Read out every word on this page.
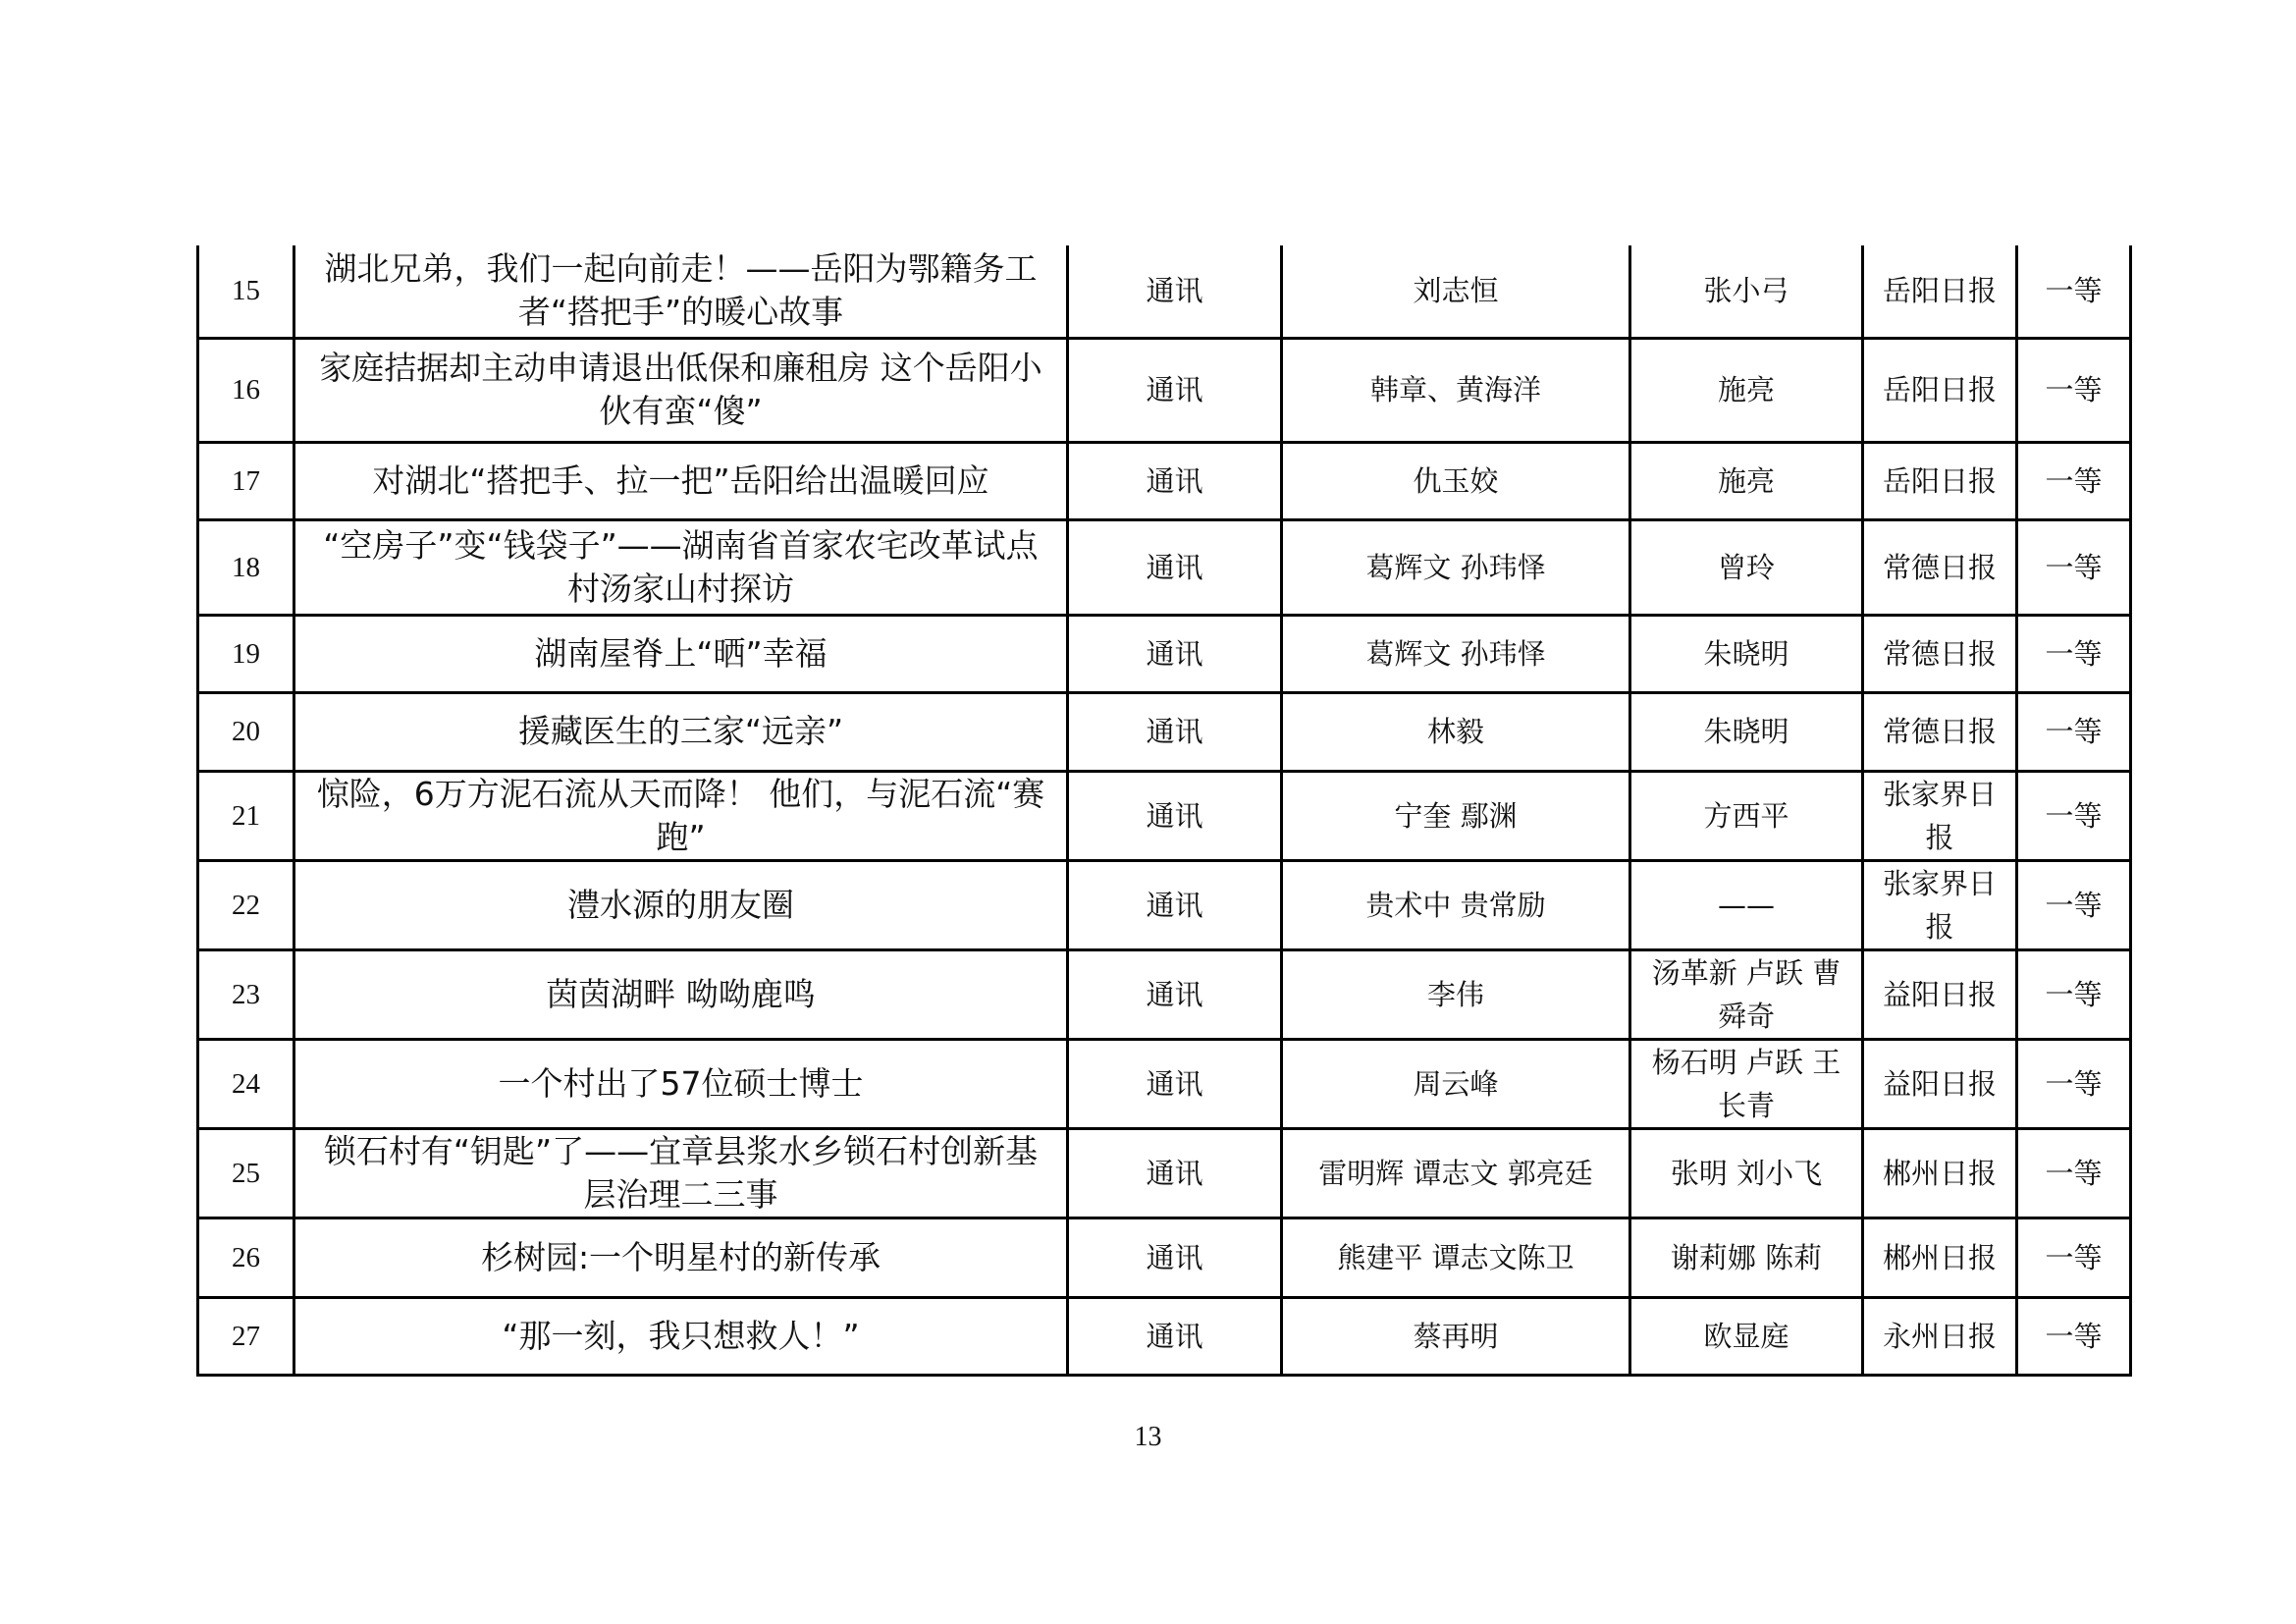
15	湖北兄弟，我们一起向前走！——岳阳为鄂籍务工者“搭把手”的暖心故事	通讯	刘志恒	张小弓	岳阳日报	一等
16	家庭拮据却主动申请退出低保和廉租房 这个岳阳小伙有蛮“傻”	通讯	韩章、黄海洋	施亮	岳阳日报	一等
17	对湖北“搭把手、拉一把”岳阳给出温暖回应	通讯	仇玉姣	施亮	岳阳日报	一等
18	“空房子”变“钱袋子”——湖南省首家农宅改革试点村汤家山村探访	通讯	葛辉文 孙玮怿	曾玲	常德日报	一等
19	湖南屋脊上“晒”幸福	通讯	葛辉文 孙玮怿	朱晓明	常德日报	一等
20	援藏医生的三家“远亲”	通讯	林毅	朱晓明	常德日报	一等
21	惊险，6万方泥石流从天而降！ 他们，与泥石流“赛跑”	通讯	宁奎 鄢渊	方西平	张家界日报	一等
22	澧水源的朋友圈	通讯	贵术中 贵常励	——	张家界日报	一等
23	茵茵湖畔 呦呦鹿鸣	通讯	李伟	汤革新 卢跃 曹舜奇	益阳日报	一等
24	一个村出了57位硕士博士	通讯	周云峰	杨石明 卢跃 王长青	益阳日报	一等
25	锁石村有“钥匙”了——宜章县浆水乡锁石村创新基层治理二三事	通讯	雷明辉 谭志文 郭亮廷	张明 刘小飞	郴州日报	一等
26	杉树园:一个明星村的新传承	通讯	熊建平 谭志文陈卫	谢莉娜 陈莉	郴州日报	一等
27	“那一刻，我只想救人！”	通讯	蔡再明	欧显庭	永州日报	一等
13
